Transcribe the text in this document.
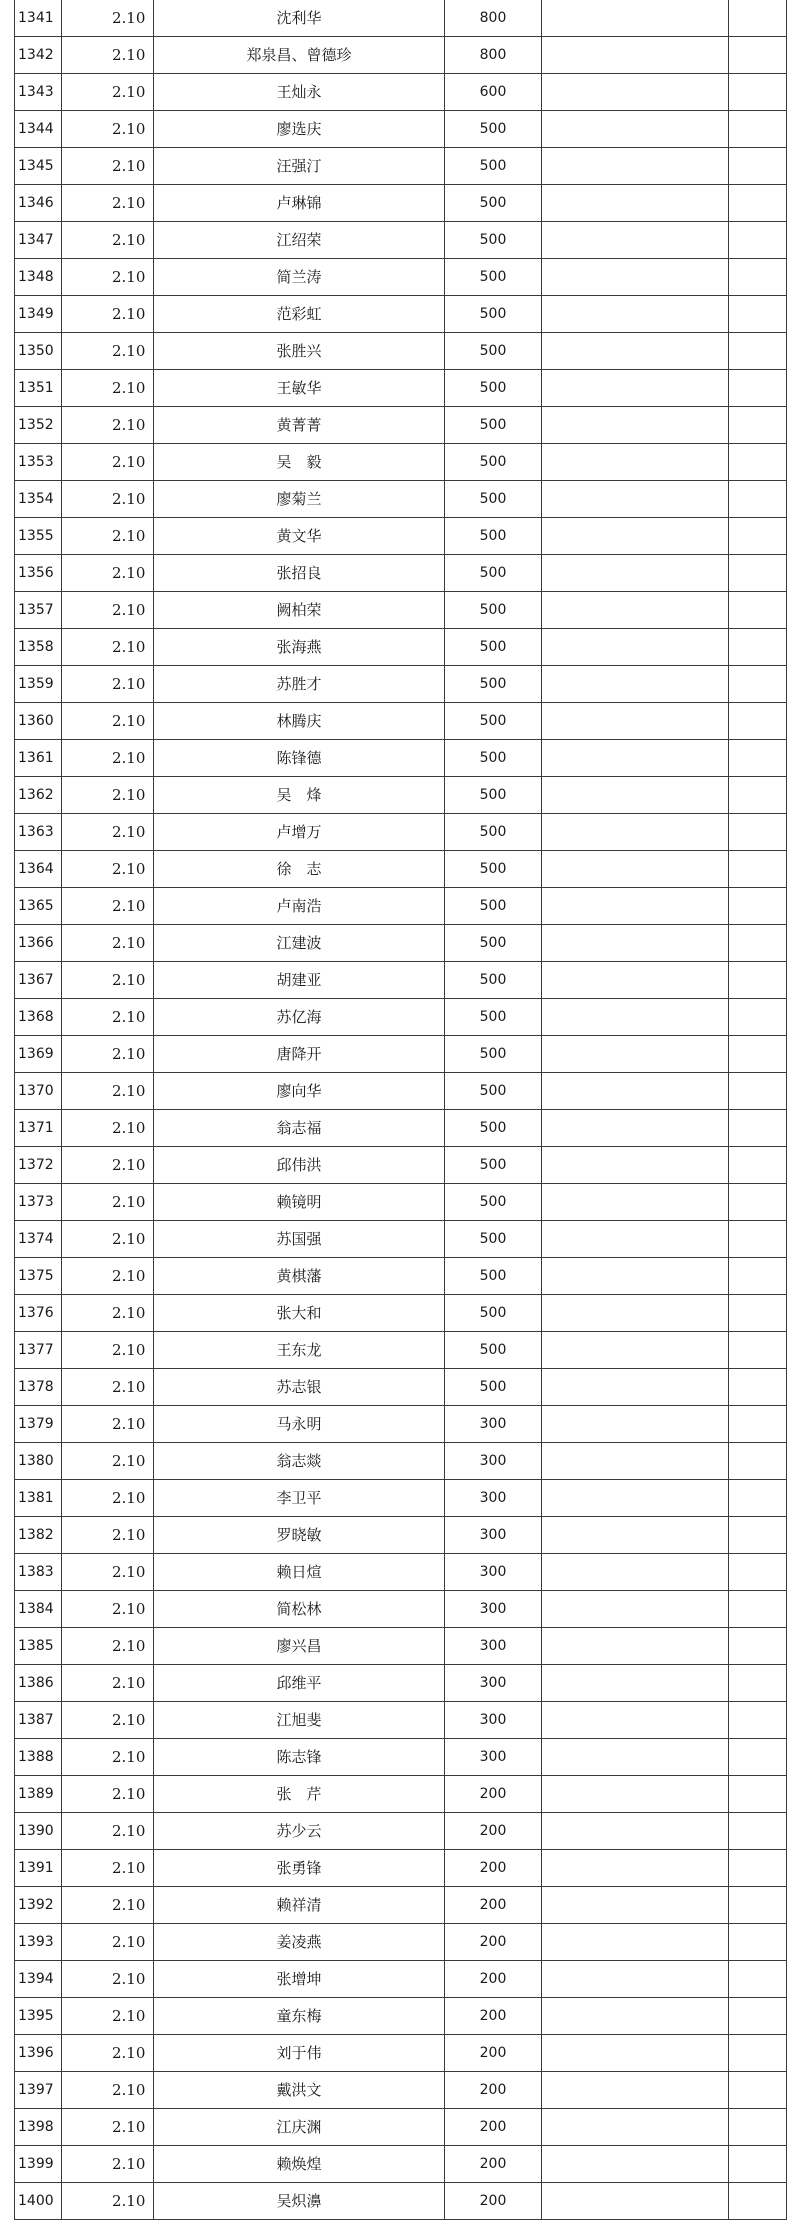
1341	2.10	沈利华	800		
1342	2.10	郑泉昌、曾德珍	800		
1343	2.10	王灿永	600		
1344	2.10	廖选庆	500		
1345	2.10	汪强汀	500		
1346	2.10	卢琳锦	500		
1347	2.10	江绍荣	500		
1348	2.10	简兰涛	500		
1349	2.10	范彩虹	500		
1350	2.10	张胜兴	500		
1351	2.10	王敏华	500		
1352	2.10	黄菁菁	500		
1353	2.10	吴　毅	500		
1354	2.10	廖菊兰	500		
1355	2.10	黄文华	500		
1356	2.10	张招良	500		
1357	2.10	阙柏荣	500		
1358	2.10	张海燕	500		
1359	2.10	苏胜才	500		
1360	2.10	林腾庆	500		
1361	2.10	陈锋德	500		
1362	2.10	吴　烽	500		
1363	2.10	卢增万	500		
1364	2.10	徐　志	500		
1365	2.10	卢南浩	500		
1366	2.10	江建波	500		
1367	2.10	胡建亚	500		
1368	2.10	苏亿海	500		
1369	2.10	唐降开	500		
1370	2.10	廖向华	500		
1371	2.10	翁志福	500		
1372	2.10	邱伟洪	500		
1373	2.10	赖镜明	500		
1374	2.10	苏国强	500		
1375	2.10	黄棋藩	500		
1376	2.10	张大和	500		
1377	2.10	王东龙	500		
1378	2.10	苏志银	500		
1379	2.10	马永明	300		
1380	2.10	翁志燚	300		
1381	2.10	李卫平	300		
1382	2.10	罗晓敏	300		
1383	2.10	赖日煊	300		
1384	2.10	简松林	300		
1385	2.10	廖兴昌	300		
1386	2.10	邱维平	300		
1387	2.10	江旭斐	300		
1388	2.10	陈志锋	300		
1389	2.10	张　芹	200		
1390	2.10	苏少云	200		
1391	2.10	张勇锋	200		
1392	2.10	赖祥清	200		
1393	2.10	姜凌燕	200		
1394	2.10	张增坤	200		
1395	2.10	童东梅	200		
1396	2.10	刘于伟	200		
1397	2.10	戴洪文	200		
1398	2.10	江庆渊	200		
1399	2.10	赖焕煌	200		
1400	2.10	吴炽濞	200		
